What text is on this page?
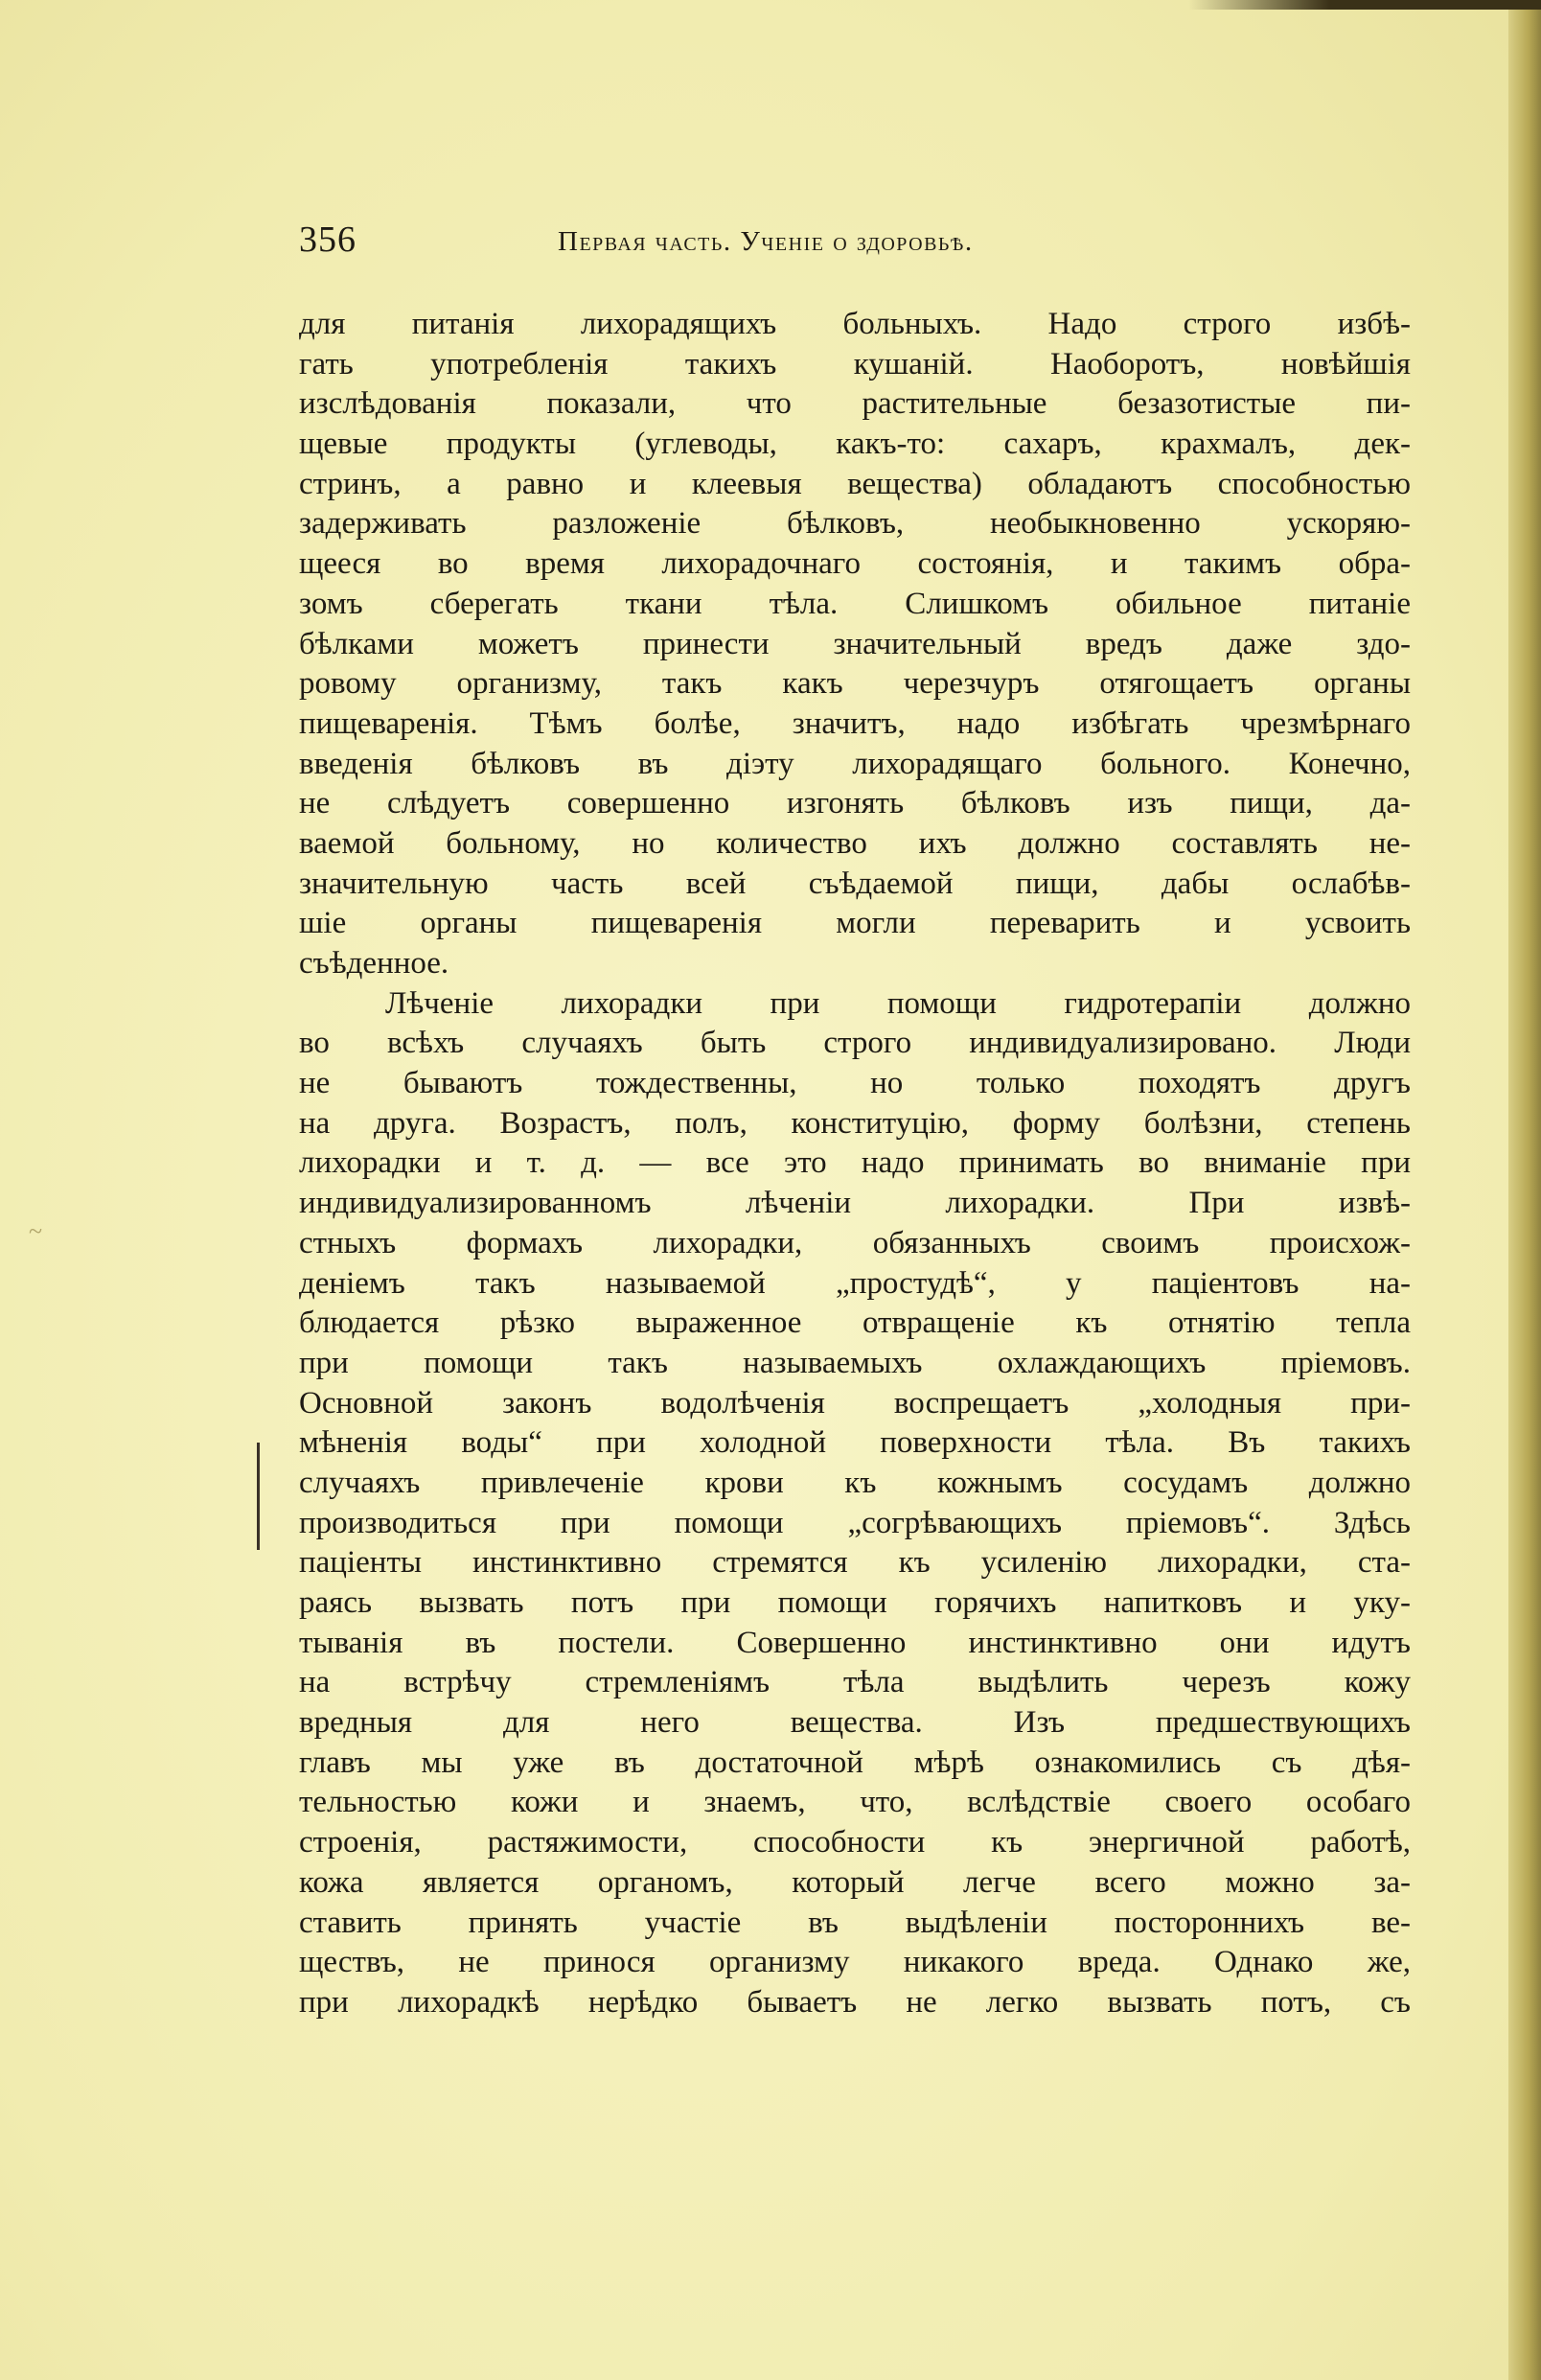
356	Первая часть. Ученіе о здоровьѣ.
~
для питанія лихорадящихъ больныхъ. Надо строго избѣ-
гать употребленія такихъ кушаній. Наоборотъ, новѣйшія
изслѣдованія показали, что растительные безазотистые пи-
щевые продукты (углеводы, какъ-то: сахаръ, крахмалъ, дек-
стринъ, а равно и клеевыя вещества) обладаютъ способностью
задерживать разложеніе бѣлковъ, необыкновенно ускоряю-
щееся во время лихорадочнаго состоянія, и такимъ обра-
зомъ сберегать ткани тѣла. Слишкомъ обильное питаніе
бѣлками можетъ принести значительный вредъ даже здо-
ровому организму, такъ какъ черезчуръ отягощаетъ органы
пищеваренія. Тѣмъ болѣе, значитъ, надо избѣгать чрезмѣрнаго
введенія бѣлковъ въ діэту лихорадящаго больного. Конечно,
не слѣдуетъ совершенно изгонять бѣлковъ изъ пищи, да-
ваемой больному, но количество ихъ должно составлять не-
значительную часть всей съѣдаемой пищи, дабы ослабѣв-
шіе органы пищеваренія могли переварить и усвоить
съѣденное.
Лѣченіе лихорадки при помощи гидротерапіи должно
во всѣхъ случаяхъ быть строго индивидуализировано. Люди
не бываютъ тождественны, но только походятъ другъ
на друга. Возрастъ, полъ, конституцію, форму болѣзни, степень
лихорадки и т. д. — все это надо принимать во вниманіе при
индивидуализированномъ лѣченіи лихорадки. При извѣ-
стныхъ формахъ лихорадки, обязанныхъ своимъ происхож-
деніемъ такъ называемой „простудѣ“, у паціентовъ на-
блюдается рѣзко выраженное отвращеніе къ отнятію тепла
при помощи такъ называемыхъ охлаждающихъ пріемовъ.
Основной законъ водолѣченія воспрещаетъ „холодныя при-
мѣненія воды“ при холодной поверхности тѣла. Въ такихъ
случаяхъ привлеченіе крови къ кожнымъ сосудамъ должно
производиться при помощи „согрѣвающихъ пріемовъ“. Здѣсь
паціенты инстинктивно стремятся къ усиленію лихорадки, ста-
раясь вызвать потъ при помощи горячихъ напитковъ и уку-
тыванія въ постели. Совершенно инстинктивно они идутъ
на встрѣчу стремленіямъ тѣла выдѣлить черезъ кожу
вредныя для него вещества. Изъ предшествующихъ
главъ мы уже въ достаточной мѣрѣ ознакомились съ дѣя-
тельностью кожи и знаемъ, что, вслѣдствіе своего особаго
строенія, растяжимости, способности къ энергичной работѣ,
кожа является органомъ, который легче всего можно за-
ставить принять участіе въ выдѣленіи постороннихъ ве-
ществъ, не принося организму никакого вреда. Однако же,
при лихорадкѣ нерѣдко бываетъ не легко вызвать потъ, съ
